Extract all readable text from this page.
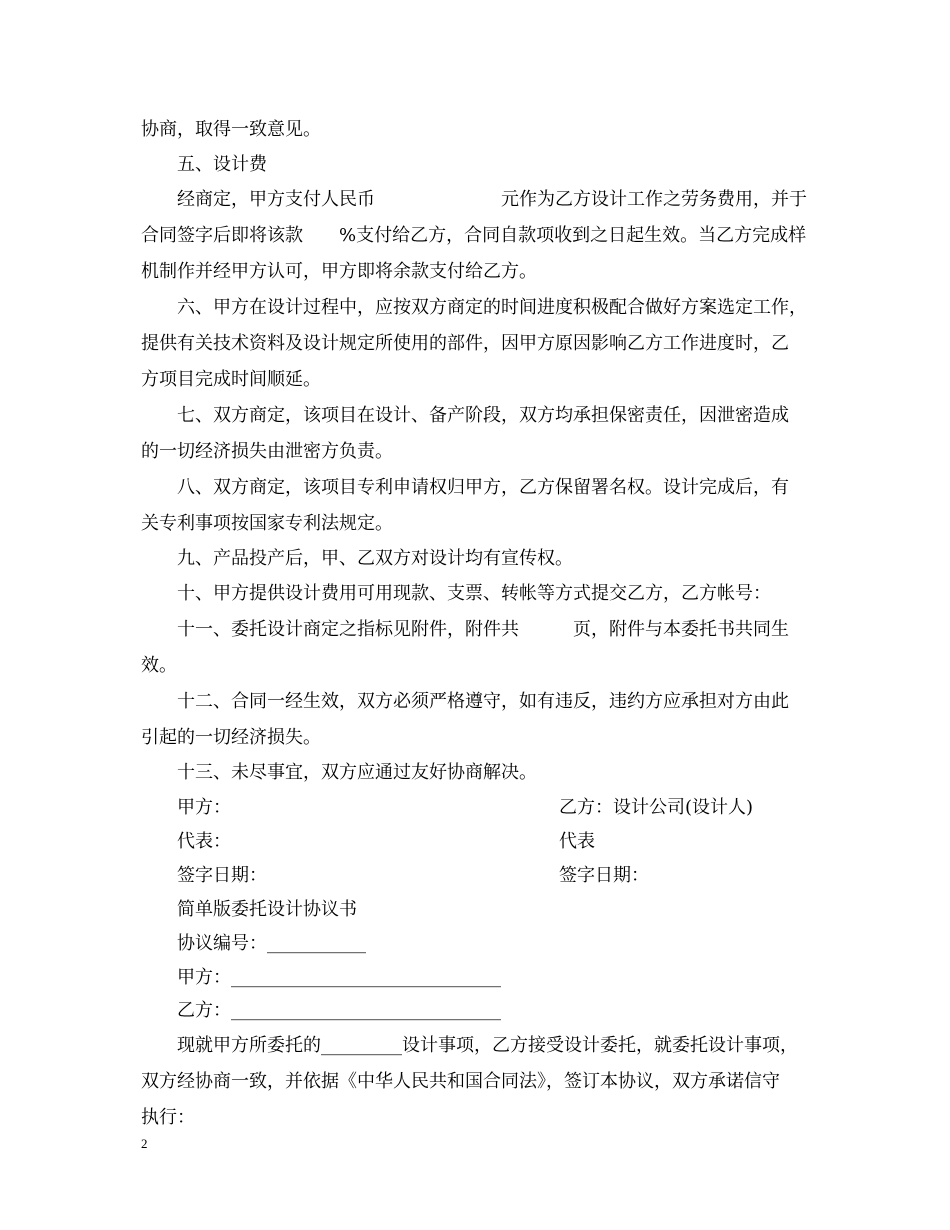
协商，取得一致意见。
五、设计费
经商定，甲方支付人民币　　　　　　　元作为乙方设计工作之劳务费用，并于
合同签字后即将该款　　%支付给乙方，合同自款项收到之日起生效。当乙方完成样
机制作并经甲方认可，甲方即将余款支付给乙方。
六、甲方在设计过程中，应按双方商定的时间进度积极配合做好方案选定工作，
提供有关技术资料及设计规定所使用的部件，因甲方原因影响乙方工作进度时，乙
方项目完成时间顺延。
七、双方商定，该项目在设计、备产阶段，双方均承担保密责任，因泄密造成
的一切经济损失由泄密方负责。
八、双方商定，该项目专利申请权归甲方，乙方保留署名权。设计完成后，有
关专利事项按国家专利法规定。
九、产品投产后，甲、乙双方对设计均有宣传权。
十、甲方提供设计费用可用现款、支票、转帐等方式提交乙方，乙方帐号：
十一、委托设计商定之指标见附件，附件共　　　页，附件与本委托书共同生
效。
十二、合同一经生效，双方必须严格遵守，如有违反，违约方应承担对方由此
引起的一切经济损失。
十三、未尽事宜，双方应通过友好协商解决。
甲方：	乙方：设计公司(设计人)
代表：	代表
签字日期：	签字日期：
简单版委托设计协议书
协议编号：___________
甲方：______________________________
乙方：______________________________
现就甲方所委托的_________设计事项，乙方接受设计委托，就委托设计事项，
双方经协商一致，并依据《中华人民共和国合同法》，签订本协议，双方承诺信守
执行：
2
